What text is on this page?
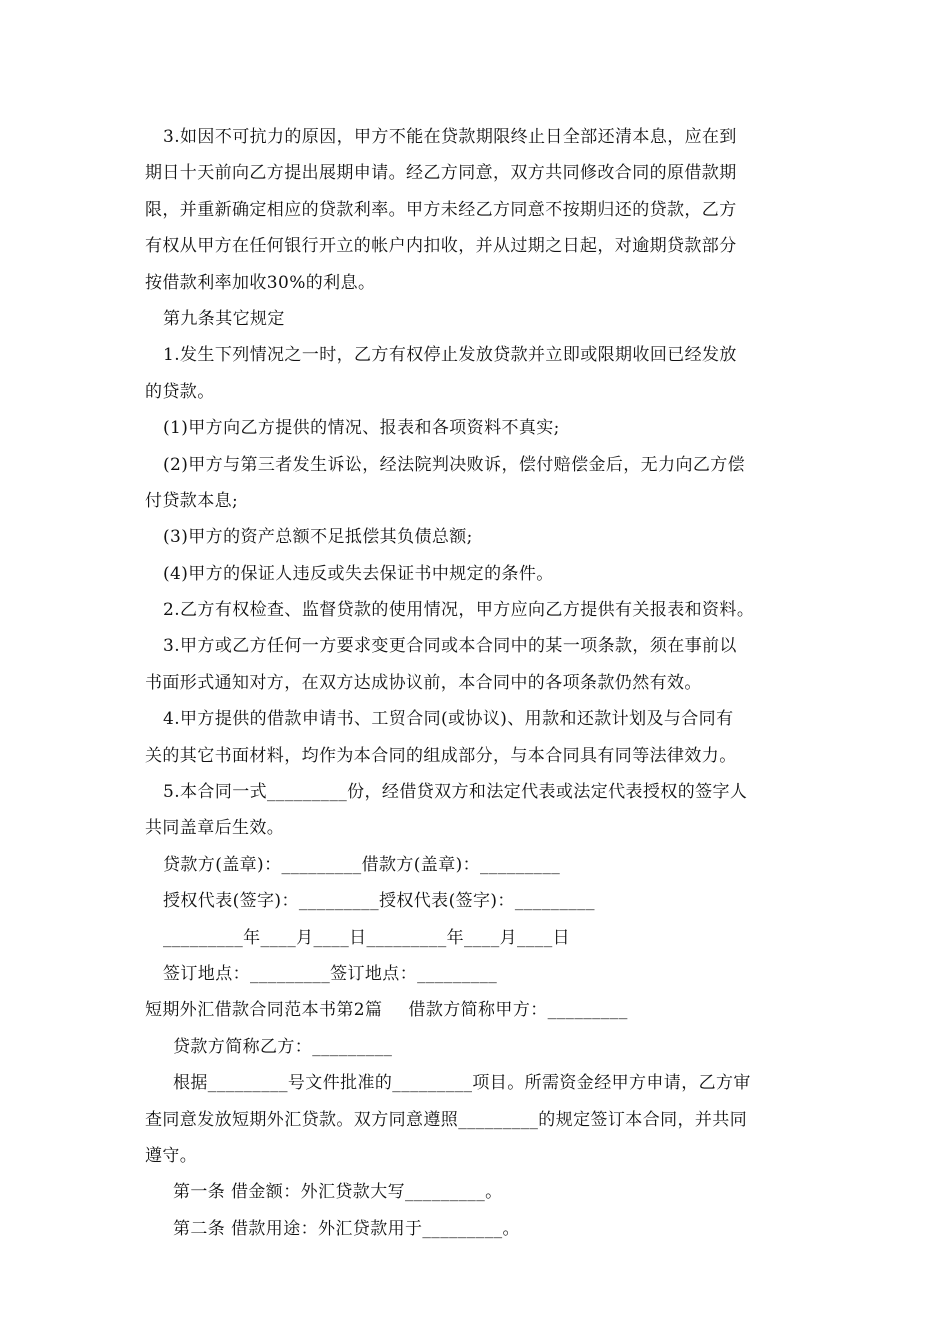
3.如因不可抗力的原因，甲方不能在贷款期限终止日全部还清本息，应在到
期日十天前向乙方提出展期申请。经乙方同意，双方共同修改合同的原借款期
限，并重新确定相应的贷款利率。甲方未经乙方同意不按期归还的贷款，乙方
有权从甲方在任何银行开立的帐户内扣收，并从过期之日起，对逾期贷款部分
按借款利率加收30%的利息。
第九条其它规定
1.发生下列情况之一时，乙方有权停止发放贷款并立即或限期收回已经发放
的贷款。
(1)甲方向乙方提供的情况、报表和各项资料不真实;
(2)甲方与第三者发生诉讼，经法院判决败诉，偿付赔偿金后，无力向乙方偿
付贷款本息;
(3)甲方的资产总额不足抵偿其负债总额;
(4)甲方的保证人违反或失去保证书中规定的条件。
2.乙方有权检查、监督贷款的使用情况，甲方应向乙方提供有关报表和资料。
3.甲方或乙方任何一方要求变更合同或本合同中的某一项条款，须在事前以
书面形式通知对方，在双方达成协议前，本合同中的各项条款仍然有效。
4.甲方提供的借款申请书、工贸合同(或协议)、用款和还款计划及与合同有
关的其它书面材料，均作为本合同的组成部分，与本合同具有同等法律效力。
5.本合同一式_________份，经借贷双方和法定代表或法定代表授权的签字人
共同盖章后生效。
贷款方(盖章)：_________借款方(盖章)：_________
授权代表(签字)：_________授权代表(签字)：_________
_________年____月____日_________年____月____日
签订地点：_________签订地点：_________
短期外汇借款合同范本书第2篇 借款方简称甲方：_________
贷款方简称乙方：_________
根据_________号文件批准的_________项目。所需资金经甲方申请，乙方审
查同意发放短期外汇贷款。双方同意遵照_________的规定签订本合同，并共同
遵守。
第一条 借金额：外汇贷款大写_________。
第二条 借款用途：外汇贷款用于_________。
